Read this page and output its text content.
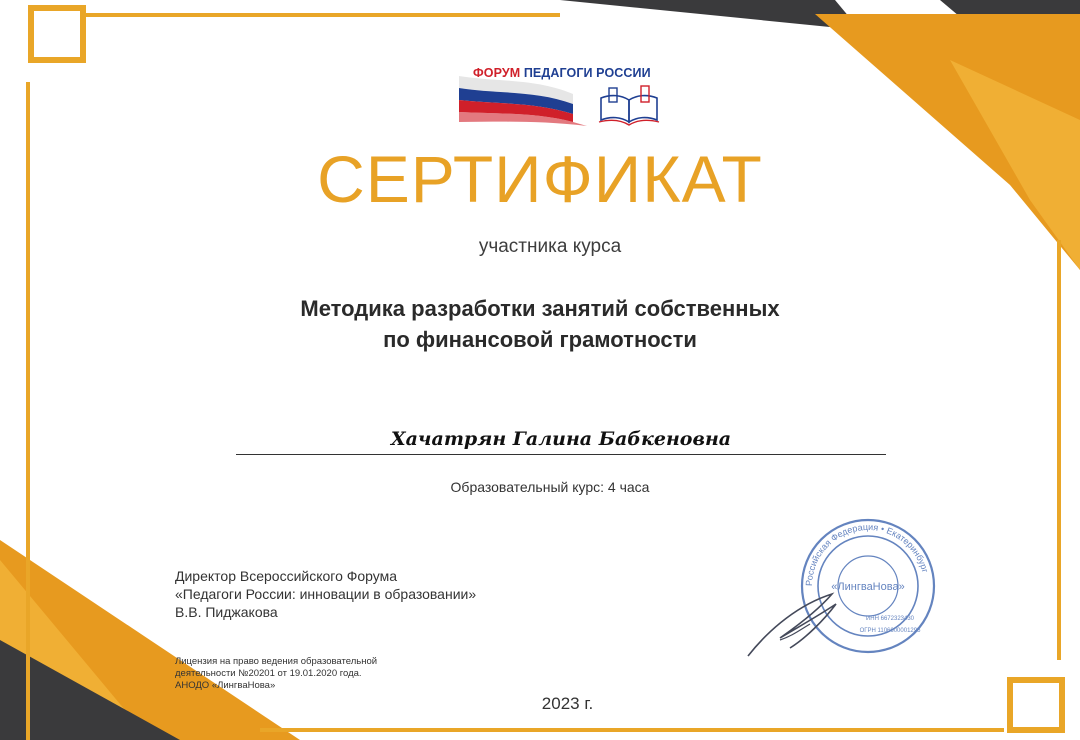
ФОРУМ ПЕДАГОГИ РОССИИ
СЕРТИФИКАТ
участника курса
Методика разработки занятий собственных
по финансовой грамотности
Хачатрян Галина Бабкеновна
Образовательный курс: 4 часа
Директор Всероссийского Форума
«Педагоги России: инновации в образовании»
В.В. Пиджакова
Лицензия на право ведения образовательной
деятельности №20201 от 19.01.2020 года.
АНОДО «ЛингваНова»
2023 г.
Российская Федерация • Екатеринбург
«ЛингваНова»
ИНН 6672323430
ОГРН 1106600001295
